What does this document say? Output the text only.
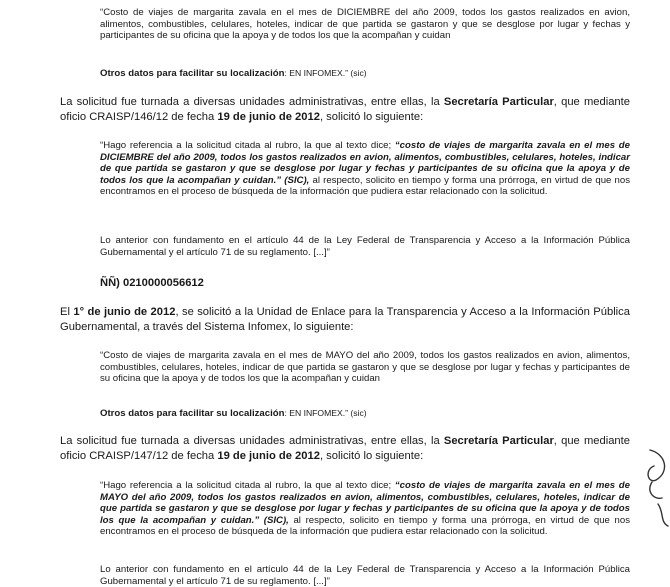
“Costo de viajes de margarita zavala en el mes de DICIEMBRE del año 2009, todos los gastos realizados en avion, alimentos, combustibles, celulares, hoteles, indicar de que partida se gastaron y que se desglose por lugar y fechas y participantes de su oficina que la apoya y de todos los que la acompañan y cuidan

Otros datos para facilitar su localización: EN INFOMEX.” (sic)

La solicitud fue turnada a diversas unidades administrativas, entre ellas, la Secretaría Particular, que mediante oficio CRAISP/146/12 de fecha 19 de junio de 2012, solicitó lo siguiente:

“Hago referencia a la solicitud citada al rubro, la que al texto dice; “costo de viajes de margarita zavala en el mes de DICIEMBRE del año 2009, todos los gastos realizados en avion, alimentos, combustibles, celulares, hoteles, indicar de que partida se gastaron y que se desglose por lugar y fechas y participantes de su oficina que la apoya y de todos los que la acompañan y cuidan.” (SIC), al respecto, solicito en tiempo y forma una prórroga, en virtud de que nos encontramos en el proceso de búsqueda de la información que pudiera estar relacionado con la solicitud.

Lo anterior con fundamento en el artículo 44 de la Ley Federal de Transparencia y Acceso a la Información Pública Gubernamental y el artículo 71 de su reglamento. [...]”

ÑÑ) 0210000056612

El 1° de junio de 2012, se solicitó a la Unidad de Enlace para la Transparencia y Acceso a la Información Pública Gubernamental, a través del Sistema Infomex, lo siguiente:

“Costo de viajes de margarita zavala en el mes de MAYO del año 2009, todos los gastos realizados en avion, alimentos, combustibles, celulares, hoteles, indicar de que partida se gastaron y que se desglose por lugar y fechas y participantes de su oficina que la apoya y de todos los que la acompañan y cuidan

Otros datos para facilitar su localización: EN INFOMEX.” (sic)

La solicitud fue turnada a diversas unidades administrativas, entre ellas, la Secretaría Particular, que mediante oficio CRAISP/147/12 de fecha 19 de junio de 2012, solicitó lo siguiente:

“Hago referencia a la solicitud citada al rubro, la que al texto dice; “costo de viajes de margarita zavala en el mes de MAYO del año 2009, todos los gastos realizados en avion, alimentos, combustibles, celulares, hoteles, indicar de que partida se gastaron y que se desglose por lugar y fechas y participantes de su oficina que la apoya y de todos los que la acompañan y cuidan.” (SIC), al respecto, solicito en tiempo y forma una prórroga, en virtud de que nos encontramos en el proceso de búsqueda de la información que pudiera estar relacionado con la solicitud.

Lo anterior con fundamento en el artículo 44 de la Ley Federal de Transparencia y Acceso a la Información Pública Gubernamental y el artículo 71 de su reglamento. [...]”
